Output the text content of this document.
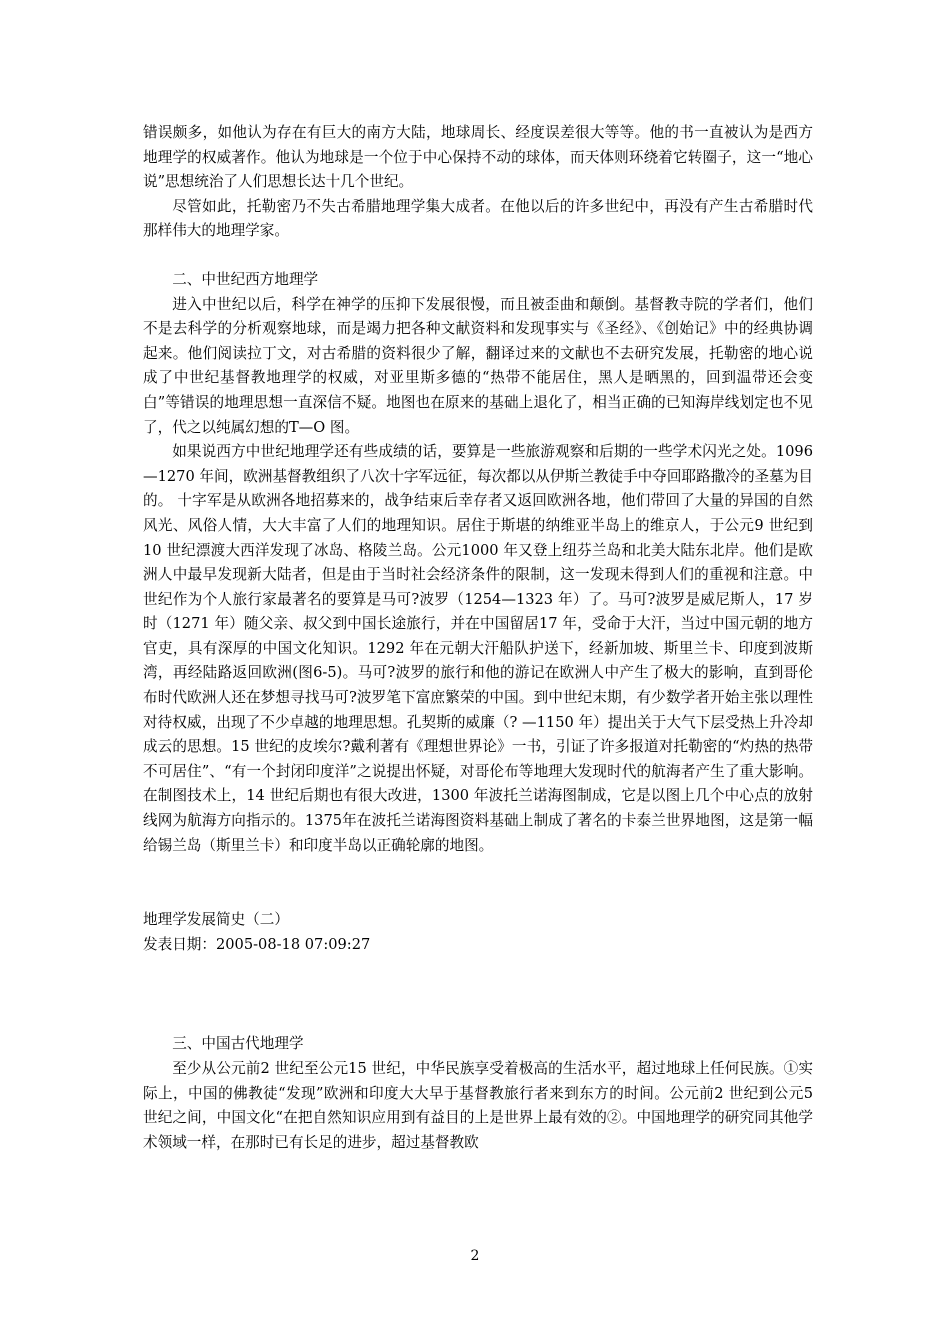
错误颇多，如他认为存在有巨大的南方大陆，地球周长、经度误差很大等等。他的书一直被认为是西方地理学的权威著作。他认为地球是一个位于中心保持不动的球体，而天体则环绕着它转圈子，这一“地心说”思想统治了人们思想长达十几个世纪。

尽管如此，托勒密乃不失古希腊地理学集大成者。在他以后的许多世纪中，再没有产生古希腊时代那样伟大的地理学家。

二、中世纪西方地理学

进入中世纪以后，科学在神学的压抑下发展很慢，而且被歪曲和颠倒。基督教寺院的学者们，他们不是去科学的分析观察地球，而是竭力把各种文献资料和发现事实与《圣经》、《创始记》中的经典协调起来。他们阅读拉丁文，对古希腊的资料很少了解，翻译过来的文献也不去研究发展，托勒密的地心说成了中世纪基督教地理学的权威，对亚里斯多德的“热带不能居住，黑人是晒黑的，回到温带还会变白”等错误的地理思想一直深信不疑。地图也在原来的基础上退化了，相当正确的已知海岸线划定也不见了，代之以纯属幻想的T—O 图。

如果说西方中世纪地理学还有些成绩的话，要算是一些旅游观察和后期的一些学术闪光之处。1096—1270 年间，欧洲基督教组织了八次十字军远征，每次都以从伊斯兰教徒手中夺回耶路撒冷的圣墓为目的。 十字军是从欧洲各地招募来的，战争结束后幸存者又返回欧洲各地，他们带回了大量的异国的自然风光、风俗人情，大大丰富了人们的地理知识。居住于斯堪的纳维亚半岛上的维京人，于公元9 世纪到10 世纪漂渡大西洋发现了冰岛、格陵兰岛。公元1000 年又登上纽芬兰岛和北美大陆东北岸。他们是欧洲人中最早发现新大陆者，但是由于当时社会经济条件的限制，这一发现未得到人们的重视和注意。中世纪作为个人旅行家最著名的要算是马可?波罗（1254—1323 年）了。马可?波罗是威尼斯人，17 岁时（1271 年）随父亲、叔父到中国长途旅行，并在中国留居17 年，受命于大汗，当过中国元朝的地方官吏，具有深厚的中国文化知识。1292 年在元朝大汗船队护送下，经新加坡、斯里兰卡、印度到波斯湾，再经陆路返回欧洲(图6-5)。马可?波罗的旅行和他的游记在欧洲人中产生了极大的影响，直到哥伦布时代欧洲人还在梦想寻找马可?波罗笔下富庶繁荣的中国。到中世纪末期，有少数学者开始主张以理性对待权威，出现了不少卓越的地理思想。孔契斯的威廉（? —1150 年）提出关于大气下层受热上升冷却成云的思想。15 世纪的皮埃尔?戴利著有《理想世界论》一书，引证了许多报道对托勒密的“灼热的热带不可居住”、“有一个封闭印度洋”之说提出怀疑，对哥伦布等地理大发现时代的航海者产生了重大影响。在制图技术上，14 世纪后期也有很大改进，1300 年波托兰诺海图制成，它是以图上几个中心点的放射线网为航海方向指示的。1375年在波托兰诺海图资料基础上制成了著名的卡泰兰世界地图，这是第一幅给锡兰岛（斯里兰卡）和印度半岛以正确轮廓的地图。

地理学发展简史（二）

发表日期：2005-08-18 07:09:27

三、中国古代地理学

至少从公元前2 世纪至公元15 世纪，中华民族享受着极高的生活水平，超过地球上任何民族。①实际上，中国的佛教徒“发现”欧洲和印度大大早于基督教旅行者来到东方的时间。公元前2 世纪到公元5 世纪之间，中国文化“在把自然知识应用到有益目的上是世界上最有效的②。中国地理学的研究同其他学术领域一样，在那时已有长足的进步，超过基督教欧

2
